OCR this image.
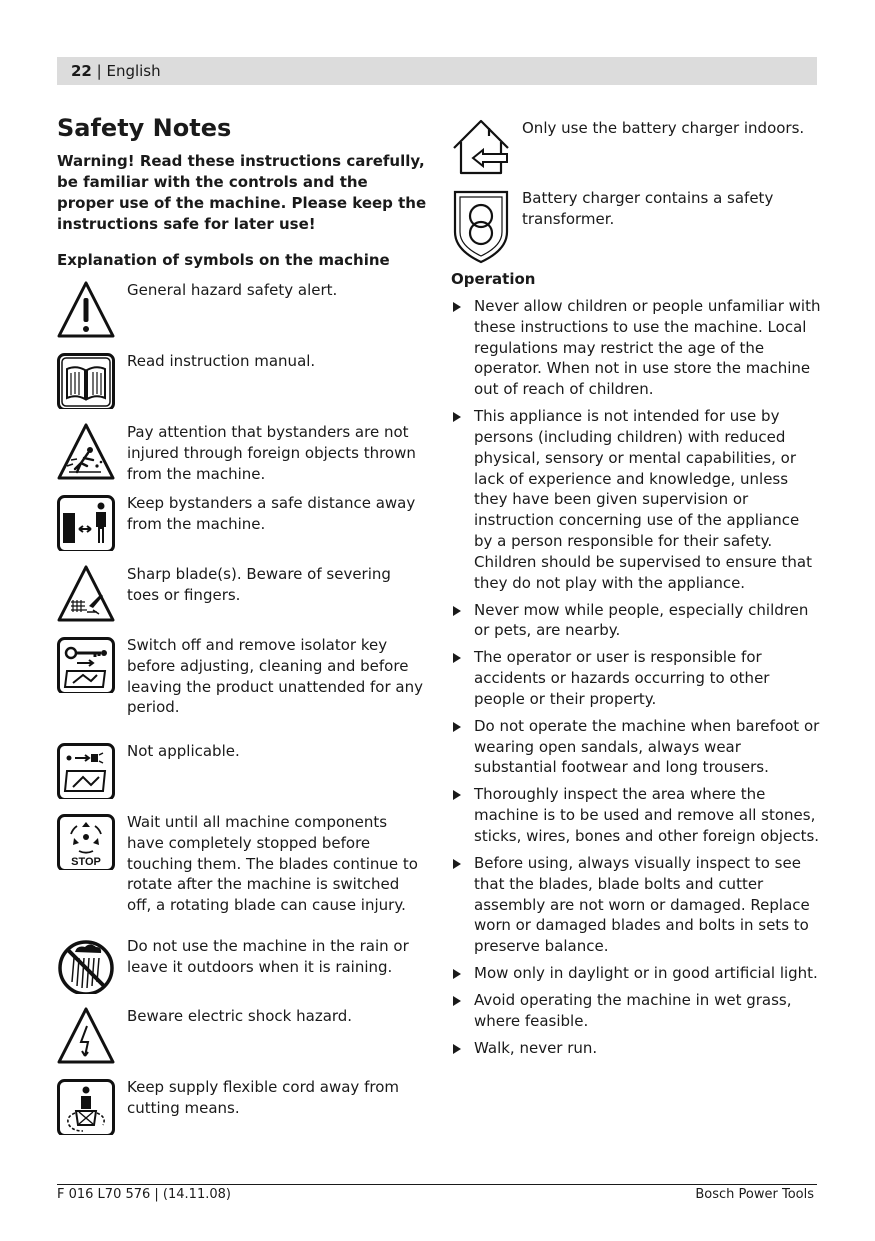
22 | English
Safety Notes
Warning! Read these instructions carefully, be familiar with the controls and the proper use of the machine. Please keep the instructions safe for later use!
Explanation of symbols on the machine
General hazard safety alert.
Read instruction manual.
Pay attention that bystanders are not injured through foreign objects thrown from the machine.
Keep bystanders a safe distance away from the machine.
Sharp blade(s). Beware of severing toes or fingers.
Switch off and remove isolator key before adjusting, cleaning and before leaving the product unattended for any period.
Not applicable.
STOP
Wait until all machine components have completely stopped before touching them. The blades continue to rotate after the machine is switched off, a rotating blade can cause injury.
Do not use the machine in the rain or leave it outdoors when it is raining.
Beware electric shock hazard.
Keep supply flexible cord away from cutting means.
Only use the battery charger indoors.
Battery charger contains a safety transformer.
Operation
Never allow children or people unfamiliar with these instructions to use the machine. Local regulations may restrict the age of the operator. When not in use store the machine out of reach of children.
This appliance is not intended for use by persons (including children) with reduced physical, sensory or mental capabilities, or lack of experience and knowledge, unless they have been given supervision or instruction concerning use of the appliance by a person responsible for their safety.
Children should be supervised to ensure that they do not play with the appliance.
Never mow while people, especially children or pets, are nearby.
The operator or user is responsible for accidents or hazards occurring to other people or their property.
Do not operate the machine when barefoot or wearing open sandals, always wear substantial footwear and long trousers.
Thoroughly inspect the area where the machine is to be used and remove all stones, sticks, wires, bones and other foreign objects.
Before using, always visually inspect to see that the blades, blade bolts and cutter assembly are not worn or damaged. Replace worn or damaged blades and bolts in sets to preserve balance.
Mow only in daylight or in good artificial light.
Avoid operating the machine in wet grass, where feasible.
Walk, never run.
F 016 L70 576 | (14.11.08)	Bosch Power Tools
